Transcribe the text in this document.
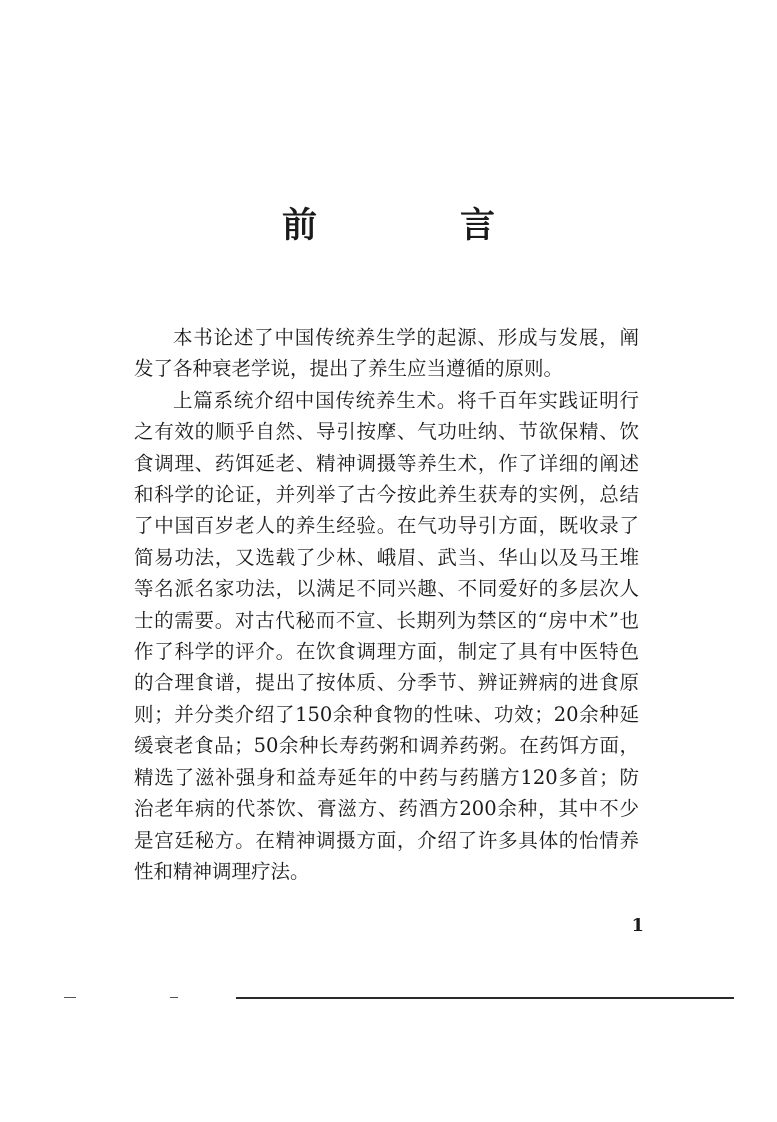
前　言

本书论述了中国传统养生学的起源、形成与发展，阐发了各种衰老学说，提出了养生应当遵循的原则。

上篇系统介绍中国传统养生术。将千百年实践证明行之有效的顺乎自然、导引按摩、气功吐纳、节欲保精、饮食调理、药饵延老、精神调摄等养生术，作了详细的阐述和科学的论证，并列举了古今按此养生获寿的实例，总结了中国百岁老人的养生经验。在气功导引方面，既收录了简易功法，又选载了少林、峨眉、武当、华山以及马王堆等名派名家功法，以满足不同兴趣、不同爱好的多层次人士的需要。对古代秘而不宣、长期列为禁区的“房中术”也作了科学的评介。在饮食调理方面，制定了具有中医特色的合理食谱，提出了按体质、分季节、辨证辨病的进食原则；并分类介绍了150余种食物的性味、功效；20余种延缓衰老食品；50余种长寿药粥和调养药粥。在药饵方面，精选了滋补强身和益寿延年的中药与药膳方120多首；防治老年病的代茶饮、膏滋方、药酒方200余种，其中不少是宫廷秘方。在精神调摄方面，介绍了许多具体的怡情养性和精神调理疗法。

1
